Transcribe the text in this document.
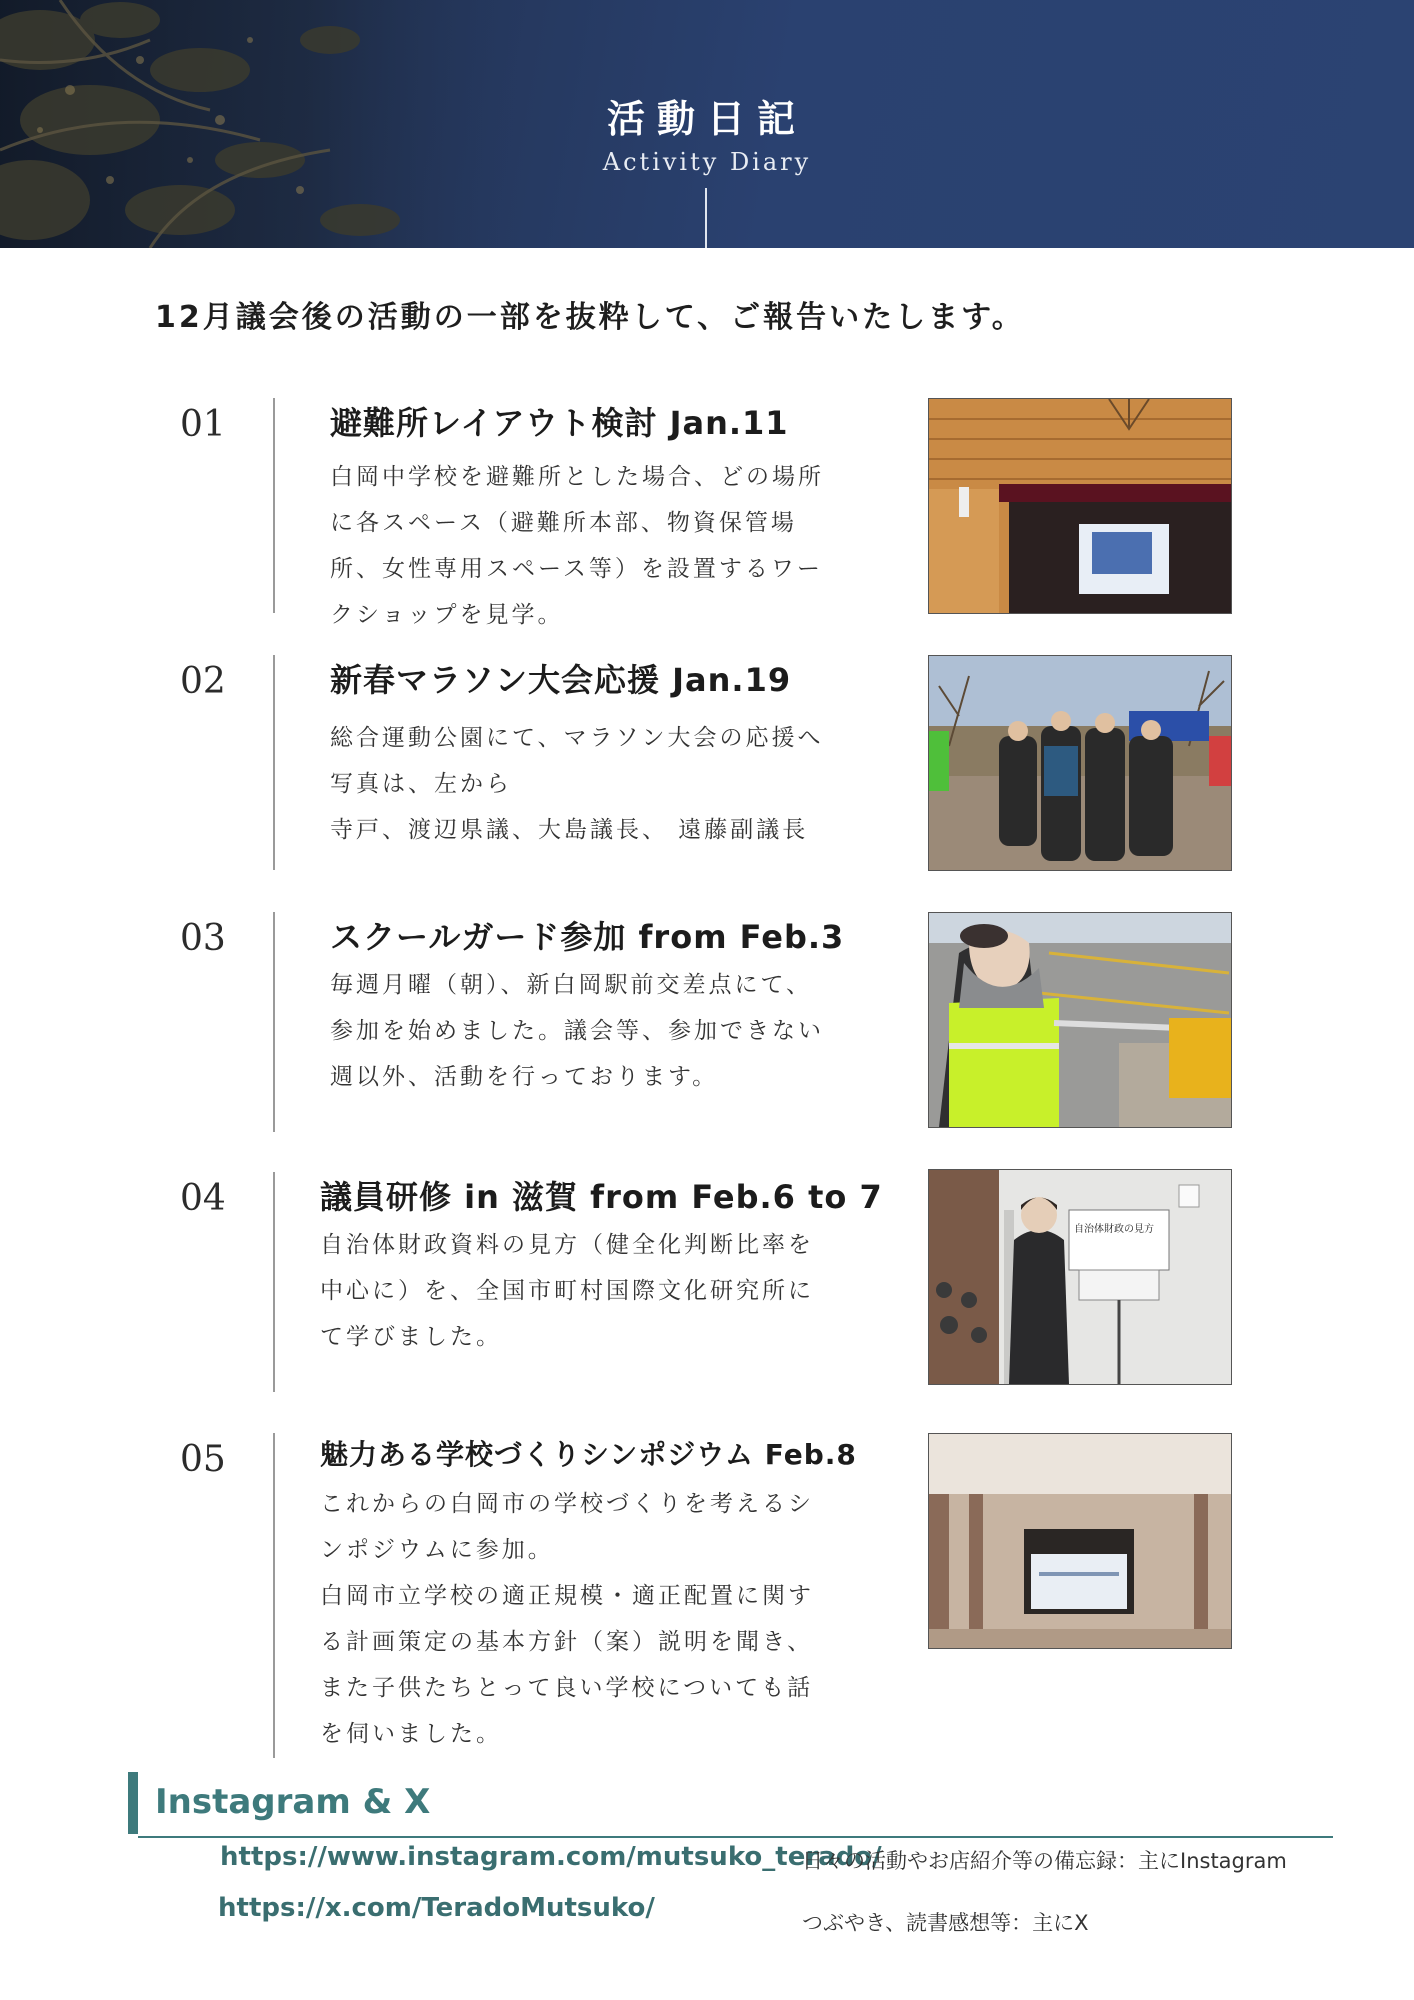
活動日記
Activity Diary
12月議会後の活動の一部を抜粋して、ご報告いたします。
01	避難所レイアウト検討 Jan.11
白岡中学校を避難所とした場合、どの場所
に各スペース（避難所本部、物資保管場
所、女性専用スペース等）を設置するワー
クショップを見学。
02	新春マラソン大会応援 Jan.19
総合運動公園にて、マラソン大会の応援へ
写真は、左から
寺戸、渡辺県議、大島議長、 遠藤副議長
03	スクールガード参加 from Feb.3
毎週月曜（朝）、新白岡駅前交差点にて、
参加を始めました。議会等、参加できない
週以外、活動を行っております。
04	議員研修 in 滋賀 from Feb.6 to 7
自治体財政資料の見方（健全化判断比率を
中心に）を、全国市町村国際文化研究所に
て学びました。
自治体財政の見方
05	魅力ある学校づくりシンポジウム Feb.8
これからの白岡市の学校づくりを考えるシ
ンポジウムに参加。
白岡市立学校の適正規模・適正配置に関す
る計画策定の基本方針（案）説明を聞き、
また子供たちとって良い学校についても話
を伺いました。
Instagram & X
https://www.instagram.com/mutsuko_terado/
日々の活動やお店紹介等の備忘録：主にInstagram
https://x.com/TeradoMutsuko/	つぶやき、読書感想等：主にX
